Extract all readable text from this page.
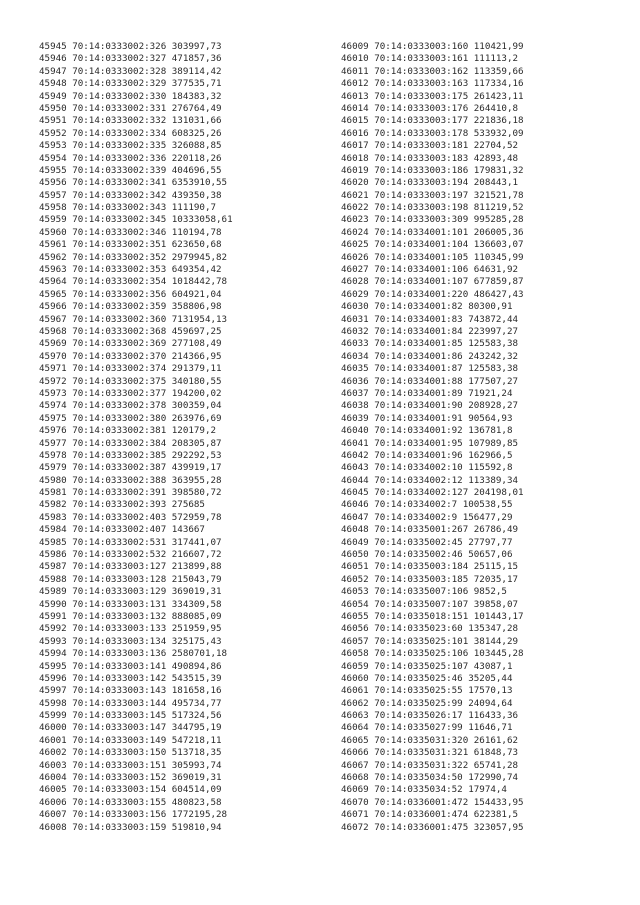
45945 70:14:0333002:326 303997,73
45946 70:14:0333002:327 471857,36
45947 70:14:0333002:328 389114,42
45948 70:14:0333002:329 377535,71
45949 70:14:0333002:330 184383,32
45950 70:14:0333002:331 276764,49
45951 70:14:0333002:332 131031,66
45952 70:14:0333002:334 608325,26
45953 70:14:0333002:335 326088,85
45954 70:14:0333002:336 220118,26
45955 70:14:0333002:339 404696,55
45956 70:14:0333002:341 6353910,55
45957 70:14:0333002:342 439350,38
45958 70:14:0333002:343 111190,7
45959 70:14:0333002:345 10333058,61
45960 70:14:0333002:346 110194,78
45961 70:14:0333002:351 623650,68
45962 70:14:0333002:352 2979945,82
45963 70:14:0333002:353 649354,42
45964 70:14:0333002:354 1018442,78
45965 70:14:0333002:356 604921,04
45966 70:14:0333002:359 358806,98
45967 70:14:0333002:360 7131954,13
45968 70:14:0333002:368 459697,25
45969 70:14:0333002:369 277108,49
45970 70:14:0333002:370 214366,95
45971 70:14:0333002:374 291379,11
45972 70:14:0333002:375 340180,55
45973 70:14:0333002:377 194200,02
45974 70:14:0333002:378 300359,04
45975 70:14:0333002:380 263976,69
45976 70:14:0333002:381 120179,2
45977 70:14:0333002:384 208305,87
45978 70:14:0333002:385 292292,53
45979 70:14:0333002:387 439919,17
45980 70:14:0333002:388 363955,28
45981 70:14:0333002:391 398580,72
45982 70:14:0333002:393 275685
45983 70:14:0333002:403 572959,78
45984 70:14:0333002:407 143667
45985 70:14:0333002:531 317441,07
45986 70:14:0333002:532 216607,72
45987 70:14:0333003:127 213899,88
45988 70:14:0333003:128 215043,79
45989 70:14:0333003:129 369019,31
45990 70:14:0333003:131 334309,58
45991 70:14:0333003:132 888085,09
45992 70:14:0333003:133 251959,95
45993 70:14:0333003:134 325175,43
45994 70:14:0333003:136 2580701,18
45995 70:14:0333003:141 490894,86
45996 70:14:0333003:142 543515,39
45997 70:14:0333003:143 181658,16
45998 70:14:0333003:144 495734,77
45999 70:14:0333003:145 517324,56
46000 70:14:0333003:147 344795,19
46001 70:14:0333003:149 547218,11
46002 70:14:0333003:150 513718,35
46003 70:14:0333003:151 305993,74
46004 70:14:0333003:152 369019,31
46005 70:14:0333003:154 604514,09
46006 70:14:0333003:155 480823,58
46007 70:14:0333003:156 1772195,28
46008 70:14:0333003:159 519810,94
46009 70:14:0333003:160 110421,99
46010 70:14:0333003:161 111113,2
46011 70:14:0333003:162 113359,66
46012 70:14:0333003:163 117334,16
46013 70:14:0333003:175 261423,11
46014 70:14:0333003:176 264410,8
46015 70:14:0333003:177 221836,18
46016 70:14:0333003:178 533932,09
46017 70:14:0333003:181 22704,52
46018 70:14:0333003:183 42893,48
46019 70:14:0333003:186 179831,32
46020 70:14:0333003:194 208443,1
46021 70:14:0333003:197 321521,78
46022 70:14:0333003:198 811219,52
46023 70:14:0333003:309 995285,28
46024 70:14:0334001:101 206005,36
46025 70:14:0334001:104 136603,07
46026 70:14:0334001:105 110345,99
46027 70:14:0334001:106 64631,92
46028 70:14:0334001:107 677859,87
46029 70:14:0334001:220 486427,43
46030 70:14:0334001:82 80300,91
46031 70:14:0334001:83 743872,44
46032 70:14:0334001:84 223997,27
46033 70:14:0334001:85 125583,38
46034 70:14:0334001:86 243242,32
46035 70:14:0334001:87 125583,38
46036 70:14:0334001:88 177507,27
46037 70:14:0334001:89 71921,24
46038 70:14:0334001:90 208928,27
46039 70:14:0334001:91 90564,93
46040 70:14:0334001:92 136781,8
46041 70:14:0334001:95 107989,85
46042 70:14:0334001:96 162966,5
46043 70:14:0334002:10 115592,8
46044 70:14:0334002:12 113389,34
46045 70:14:0334002:127 204198,01
46046 70:14:0334002:7 100538,55
46047 70:14:0334002:9 156477,29
46048 70:14:0335001:267 26786,49
46049 70:14:0335002:45 27797,77
46050 70:14:0335002:46 50657,06
46051 70:14:0335003:184 25115,15
46052 70:14:0335003:185 72035,17
46053 70:14:0335007:106 9852,5
46054 70:14:0335007:107 39858,07
46055 70:14:0335018:151 101443,17
46056 70:14:0335023:60 135347,28
46057 70:14:0335025:101 38144,29
46058 70:14:0335025:106 103445,28
46059 70:14:0335025:107 43087,1
46060 70:14:0335025:46 35205,44
46061 70:14:0335025:55 17570,13
46062 70:14:0335025:99 24094,64
46063 70:14:0335026:17 116433,36
46064 70:14:0335027:99 11646,71
46065 70:14:0335031:320 26161,62
46066 70:14:0335031:321 61848,73
46067 70:14:0335031:322 65741,28
46068 70:14:0335034:50 172990,74
46069 70:14:0335034:52 17974,4
46070 70:14:0336001:472 154433,95
46071 70:14:0336001:474 622381,5
46072 70:14:0336001:475 323057,95
